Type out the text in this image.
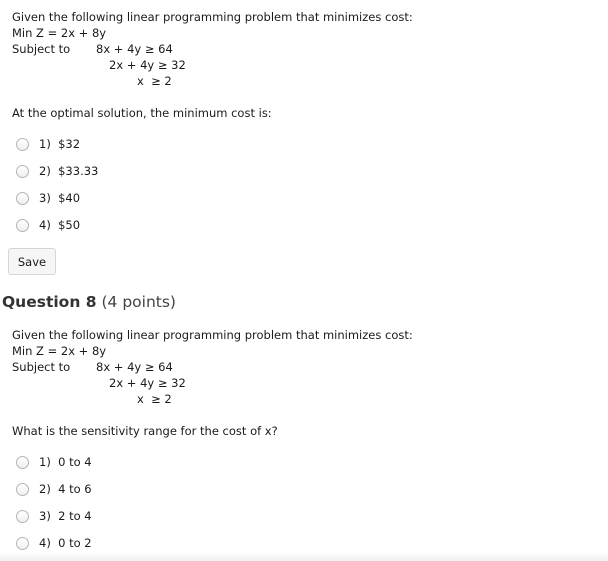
Given the following linear programming problem that minimizes cost:
Min Z = 2x + 8y
Subject to 8x + 4y ≥ 64
2x + 4y ≥ 32
x  ≥ 2
At the optimal solution, the minimum cost is:
1)  $32
2)  $33.33
3)  $40
4)  $50
Save
Question 8 (4 points)
Given the following linear programming problem that minimizes cost:
Min Z = 2x + 8y
Subject to 8x + 4y ≥ 64
2x + 4y ≥ 32
x  ≥ 2
What is the sensitivity range for the cost of x?
1)  0 to 4
2)  4 to 6
3)  2 to 4
4)  0 to 2
